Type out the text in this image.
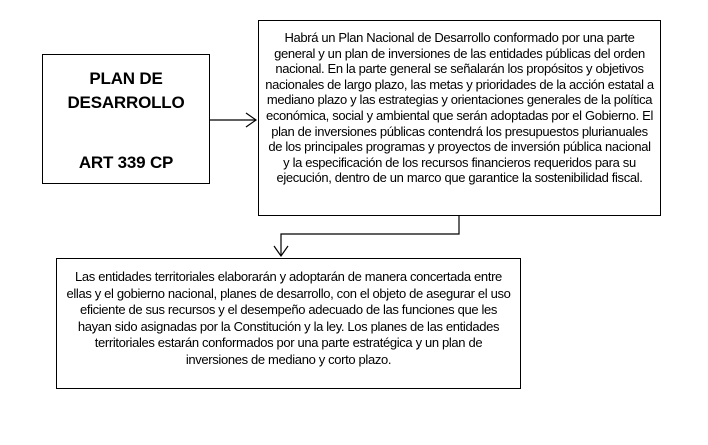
PLAN DE
DESARROLLO
ART 339 CP
Habrá un Plan Nacional de Desarrollo conformado por una parte general y un plan de inversiones de las entidades públicas del orden nacional. En la parte general se señalarán los propósitos y objetivos nacionales de largo plazo, las metas y prioridades de la acción estatal a mediano plazo y las estrategias y orientaciones generales de la política económica, social y ambiental que serán adoptadas por el Gobierno. El plan de inversiones públicas contendrá los presupuestos plurianuales de los principales programas y proyectos de inversión pública nacional y la especificación de los recursos financieros requeridos para su ejecución, dentro de un marco que garantice la sostenibilidad fiscal.
Las entidades territoriales elaborarán y adoptarán de manera concertada entre ellas y el gobierno nacional, planes de desarrollo, con el objeto de asegurar el uso eficiente de sus recursos y el desempeño adecuado de las funciones que les hayan sido asignadas por la Constitución y la ley. Los planes de las entidades territoriales estarán conformados por una parte estratégica y un plan de inversiones de mediano y corto plazo.
